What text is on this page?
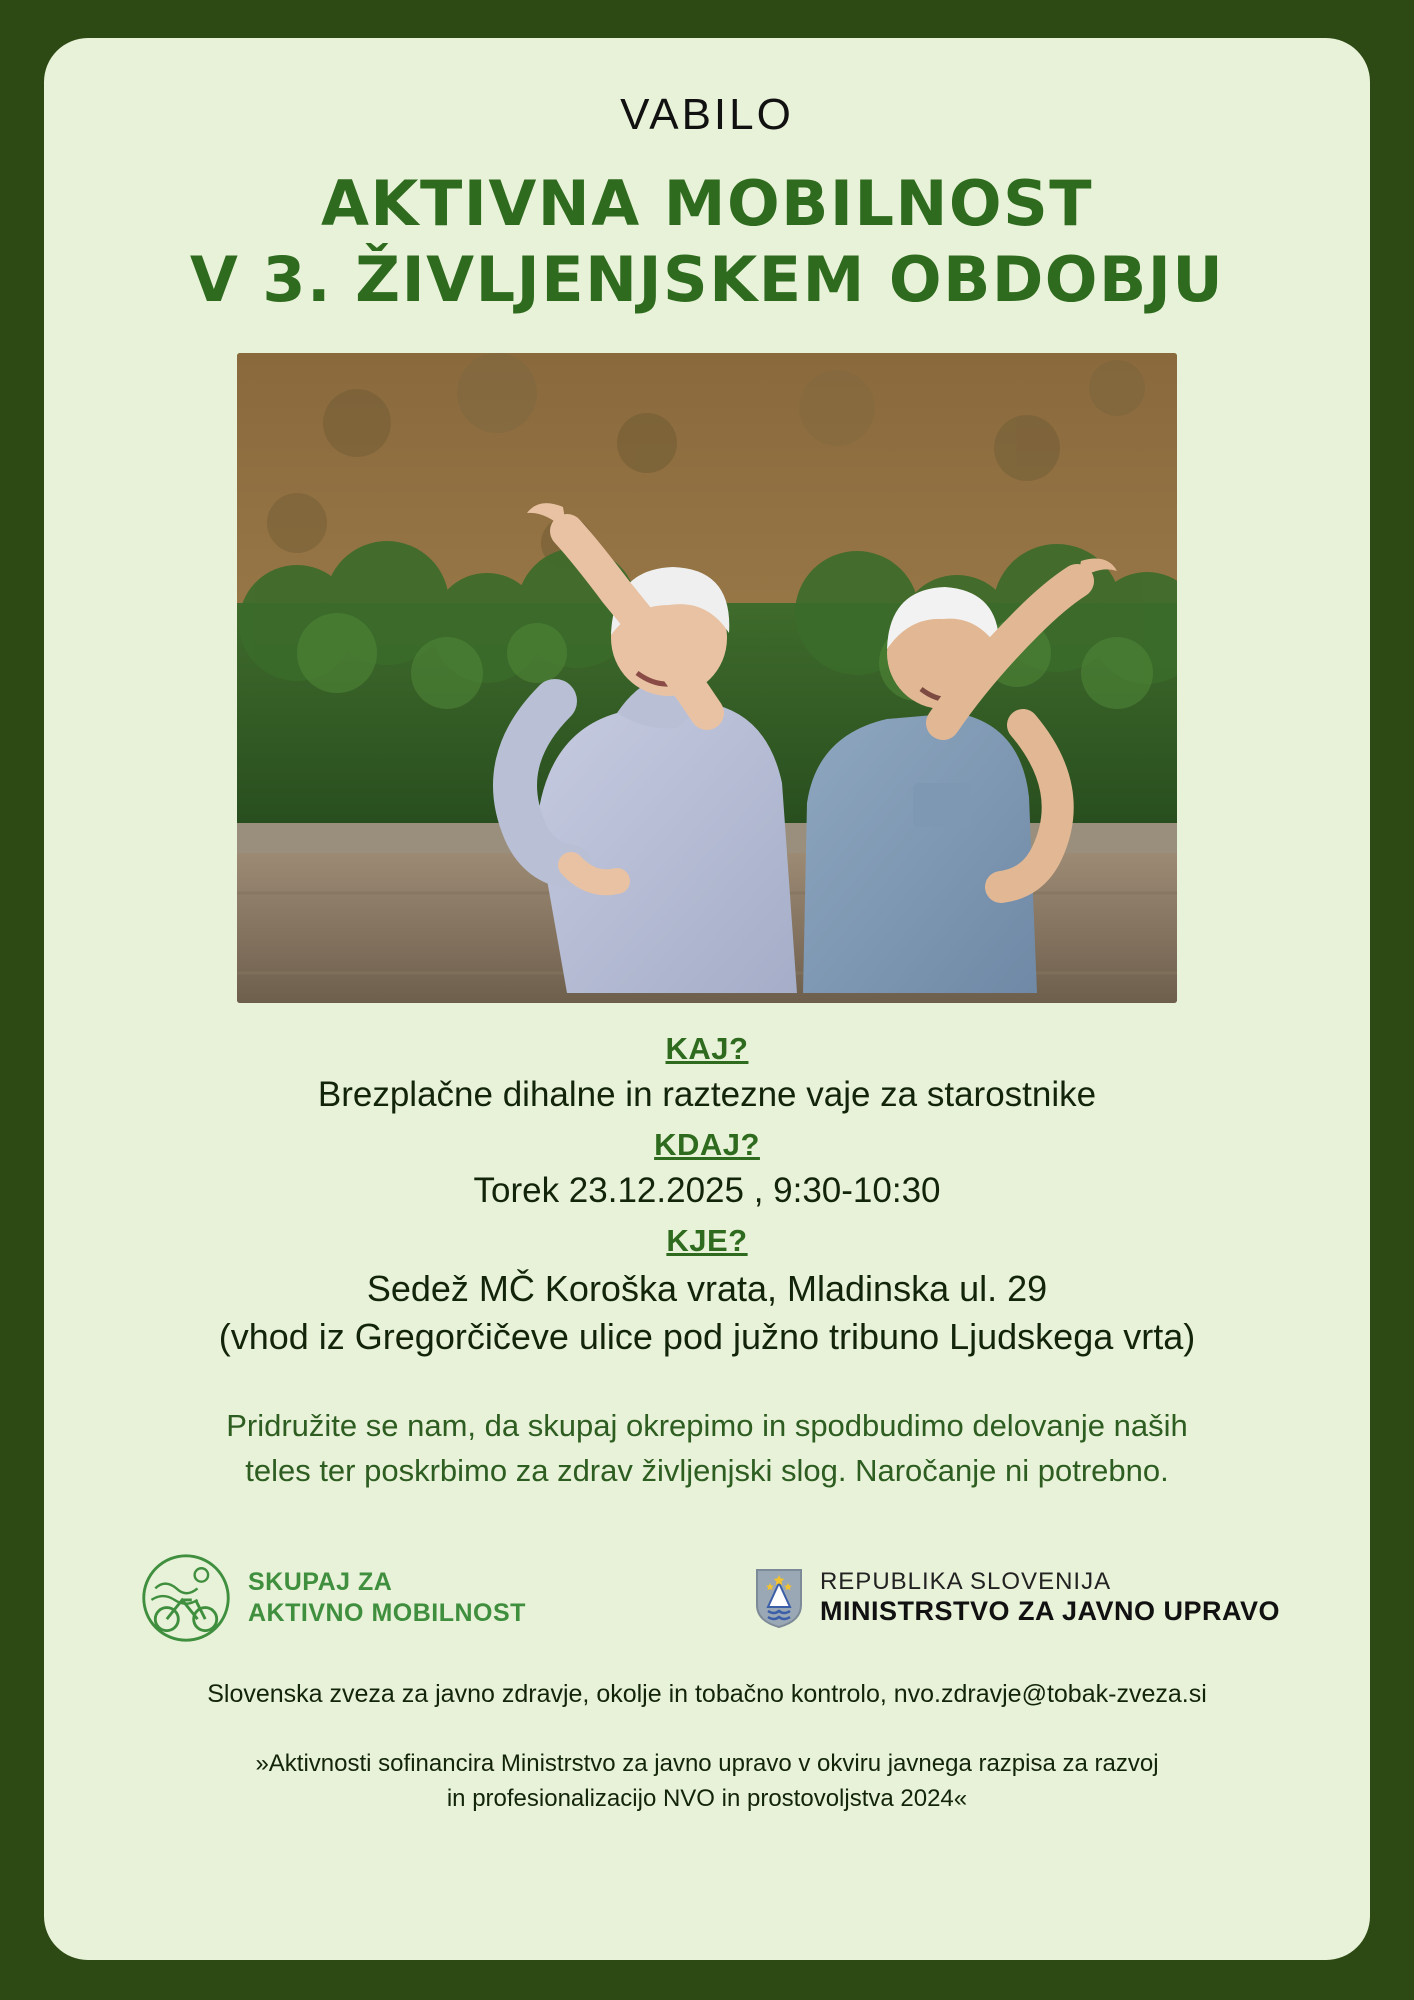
VABILO
AKTIVNA MOBILNOST
V 3. ŽIVLJENJSKEM OBDOBJU
KAJ?
Brezplačne dihalne in raztezne vaje za starostnike
KDAJ?
Torek 23.12.2025 , 9:30-10:30
KJE?
Sedež MČ Koroška vrata, Mladinska ul. 29
(vhod iz Gregorčičeve ulice pod južno tribuno Ljudskega vrta)
Pridružite se nam, da skupaj okrepimo in spodbudimo delovanje naših
teles ter poskrbimo za zdrav življenjski slog. Naročanje ni potrebno.
SKUPAJ ZA
AKTIVNO MOBILNOST
REPUBLIKA SLOVENIJA
MINISTRSTVO ZA JAVNO UPRAVO
Slovenska zveza za javno zdravje, okolje in tobačno kontrolo, nvo.zdravje@tobak-zveza.si
»Aktivnosti sofinancira Ministrstvo za javno upravo v okviru javnega razpisa za razvoj
in profesionalizacijo NVO in prostovoljstva 2024«
